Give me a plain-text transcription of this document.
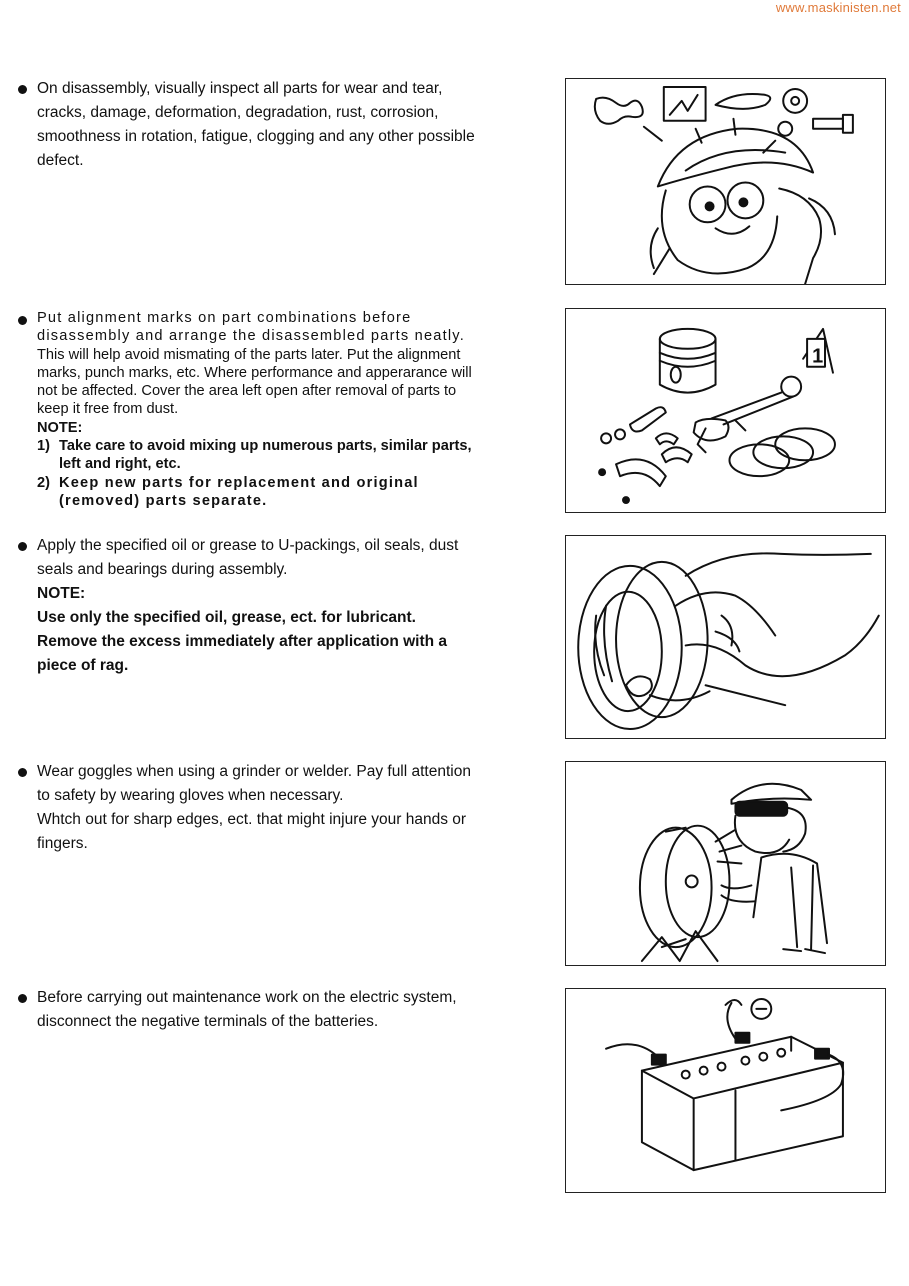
www.maskinisten.net

On disassembly, visually inspect all parts for wear and tear, cracks, damage, deformation, degradation, rust, corrosion, smoothness in rotation, fatigue, clogging and any other possible defect.

Put alignment marks on part combinations before disassembly and arrange the disassembled parts neatly.

This will help avoid mismating of the parts later. Put the alignment marks, punch marks, etc. Where performance and apperarance will not be affected. Cover the area left open after removal of parts to keep it free from dust.

NOTE:

1) Take care to avoid mixing up numerous parts, similar parts, left and right, etc.
2) Keep new parts for replacement and original (removed) parts separate.
1

Apply the specified oil or grease to U-packings, oil seals, dust seals and bearings during assembly.

NOTE:

Use only the specified oil, grease, ect. for lubricant.

Remove the excess immediately after application with a piece of rag.

Wear goggles when using a grinder or welder. Pay full attention to safety by wearing gloves when necessary.

Whtch out for sharp edges, ect. that might injure your hands or fingers.

Before carrying out maintenance work on the electric system, disconnect the negative terminals of the batteries.
